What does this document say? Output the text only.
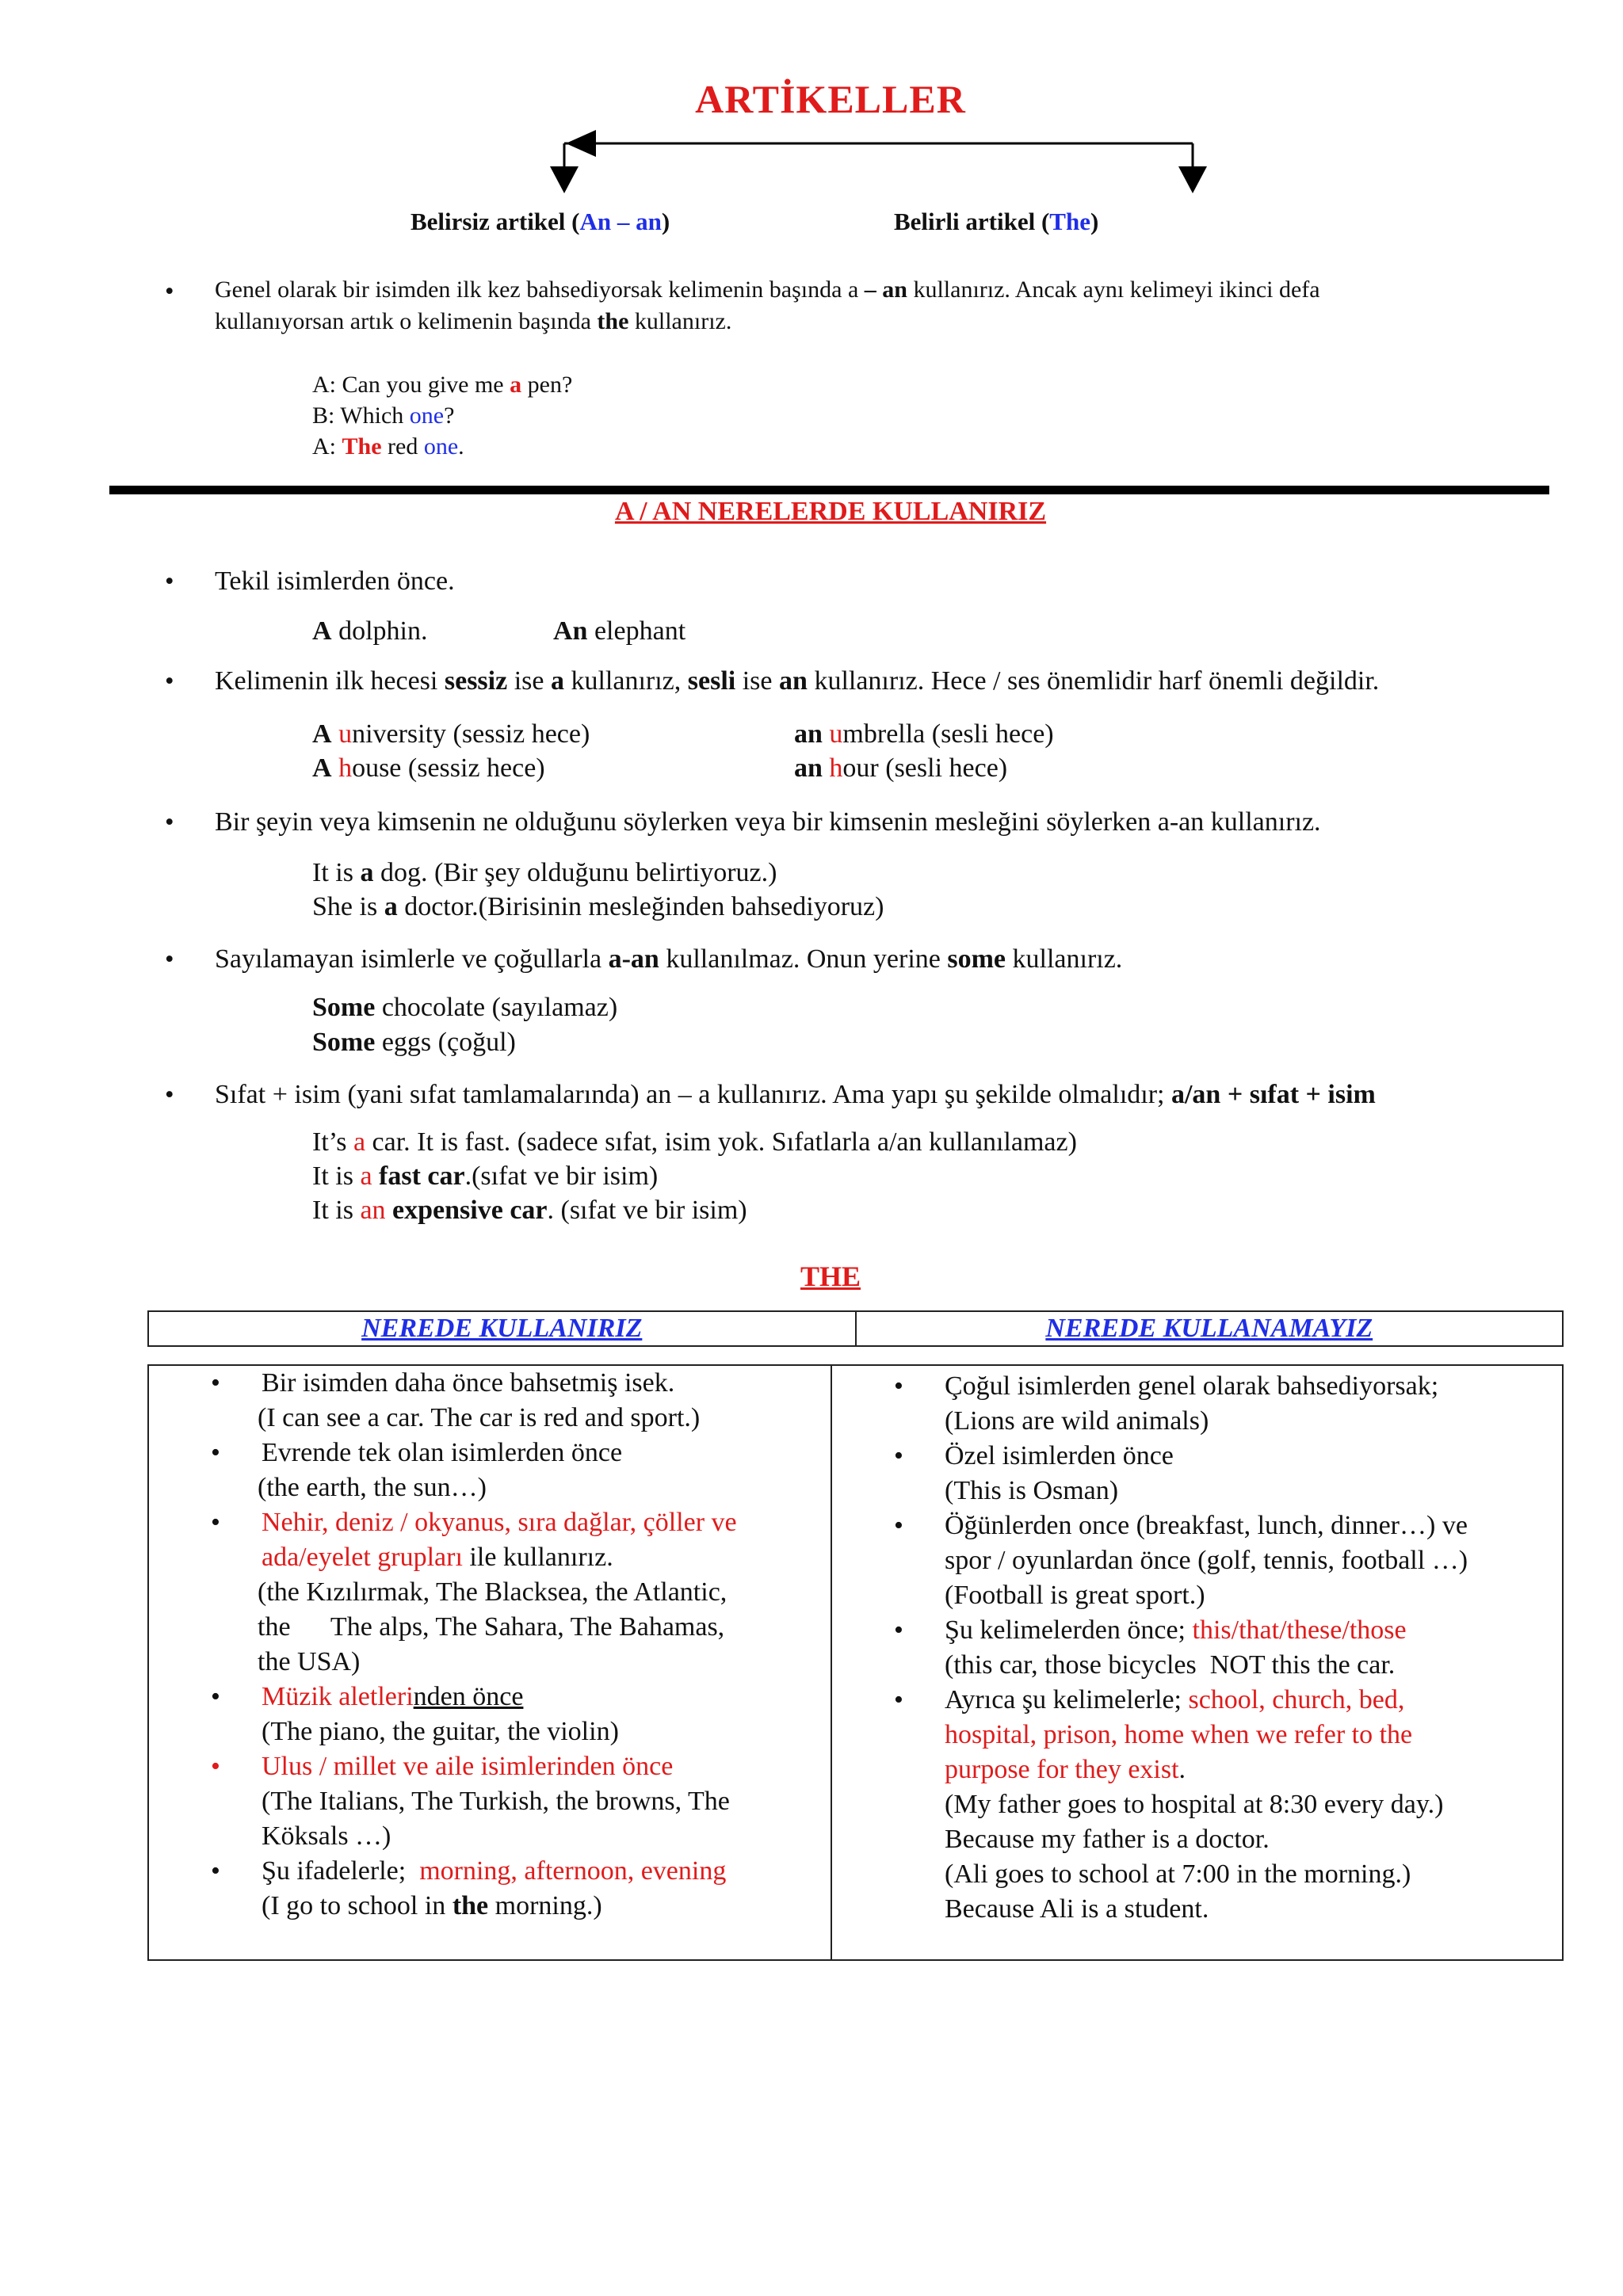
ARTİKELLER
Belirsiz artikel (An – an)	Belirli artikel (The)
• Genel olarak bir isimden ilk kez bahsediyorsak kelimenin başında a – an kullanırız. Ancak aynı kelimeyi ikinci defa
kullanıyorsan artık o kelimenin başında the kullanırız.
A: Can you give me a pen?
B: Which one?
A: The red one.
A / AN NERELERDE KULLANIRIZ
• Tekil isimlerden önce.
A dolphin.	An elephant
• Kelimenin ilk hecesi sessiz ise a kullanırız, sesli ise an kullanırız. Hece / ses önemlidir harf önemli değildir.
A university (sessiz hece)	an umbrella (sesli hece)
A house (sessiz hece)	an hour (sesli hece)
• Bir şeyin veya kimsenin ne olduğunu söylerken veya bir kimsenin mesleğini söylerken a-an kullanırız.
It is a dog. (Bir şey olduğunu belirtiyoruz.)
She is a doctor.(Birisinin mesleğinden bahsediyoruz)
• Sayılamayan isimlerle ve çoğullarla a-an kullanılmaz. Onun yerine some kullanırız.
Some chocolate (sayılamaz)
Some eggs (çoğul)
• Sıfat + isim (yani sıfat tamlamalarında) an – a kullanırız. Ama yapı şu şekilde olmalıdır; a/an + sıfat + isim
It’s a car. It is fast. (sadece sıfat, isim yok. Sıfatlarla a/an kullanılamaz)
It is a fast car.(sıfat ve bir isim)
It is an expensive car. (sıfat ve bir isim)
THE
NEREDE KULLANIRIZ	NEREDE KULLANAMAYIZ
• Bir isimden daha önce bahsetmiş isek.
(I can see a car. The car is red and sport.)
• Evrende tek olan isimlerden önce
(the earth, the sun…)
• Nehir, deniz / okyanus, sıra dağlar, çöller ve
ada/eyelet grupları ile kullanırız.
(the Kızılırmak, The Blacksea, the Atlantic,
the      The alps, The Sahara, The Bahamas,
the USA)
• Müzik aletlerinden önce
(The piano, the guitar, the violin)
• Ulus / millet ve aile isimlerinden önce
(The Italians, The Turkish, the browns, The
Köksals …)
• Şu ifadelerle;  morning, afternoon, evening
(I go to school in the morning.)
• Çoğul isimlerden genel olarak bahsediyorsak;
(Lions are wild animals)
• Özel isimlerden önce
(This is Osman)
• Öğünlerden once (breakfast, lunch, dinner…) ve
spor / oyunlardan önce (golf, tennis, football …)
(Football is great sport.)
• Şu kelimelerden önce; this/that/these/those
(this car, those bicycles  NOT this the car.
• Ayrıca şu kelimelerle; school, church, bed,
hospital, prison, home when we refer to the
purpose for they exist.
(My father goes to hospital at 8:30 every day.)
Because my father is a doctor.
(Ali goes to school at 7:00 in the morning.)
Because Ali is a student.
